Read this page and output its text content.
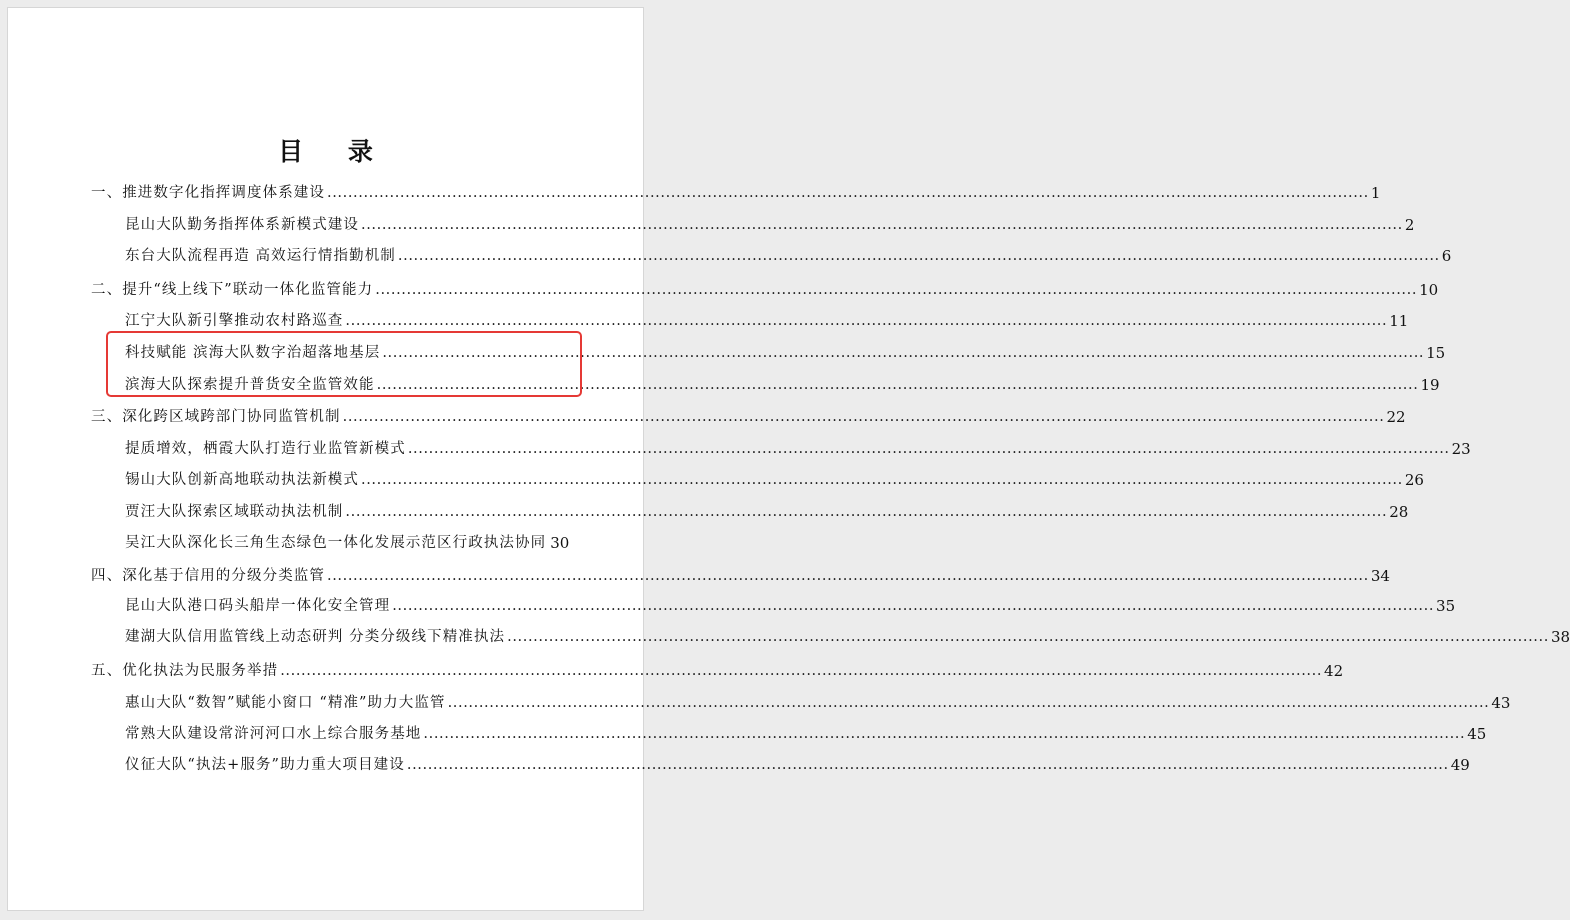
目 录
一、推进数字化指挥调度体系建设 ........................................................................................................................................................................................................ 1
昆山大队勤务指挥体系新模式建设 ........................................................................................................................................................................................................ 2
东台大队流程再造 高效运行情指勤机制 ........................................................................................................................................................................................................ 6
二、提升“线上线下”联动一体化监管能力 ........................................................................................................................................................................................................ 10
江宁大队新引擎推动农村路巡查 ........................................................................................................................................................................................................ 11
科技赋能 滨海大队数字治超落地基层 ........................................................................................................................................................................................................ 15
滨海大队探索提升普货安全监管效能 ........................................................................................................................................................................................................ 19
三、深化跨区域跨部门协同监管机制 ........................................................................................................................................................................................................ 22
提质增效，栖霞大队打造行业监管新模式 ........................................................................................................................................................................................................ 23
锡山大队创新高地联动执法新模式 ........................................................................................................................................................................................................ 26
贾汪大队探索区域联动执法机制 ........................................................................................................................................................................................................ 28
吴江大队深化长三角生态绿色一体化发展示范区行政执法协同 30
四、深化基于信用的分级分类监管 ........................................................................................................................................................................................................ 34
昆山大队港口码头船岸一体化安全管理 ........................................................................................................................................................................................................ 35
建湖大队信用监管线上动态研判 分类分级线下精准执法 ........................................................................................................................................................................................................ 38
五、优化执法为民服务举措 ........................................................................................................................................................................................................ 42
惠山大队“数智”赋能小窗口 “精准”助力大监管 ........................................................................................................................................................................................................ 43
常熟大队建设常浒河河口水上综合服务基地 ........................................................................................................................................................................................................ 45
仪征大队“执法+服务”助力重大项目建设 ........................................................................................................................................................................................................ 49
